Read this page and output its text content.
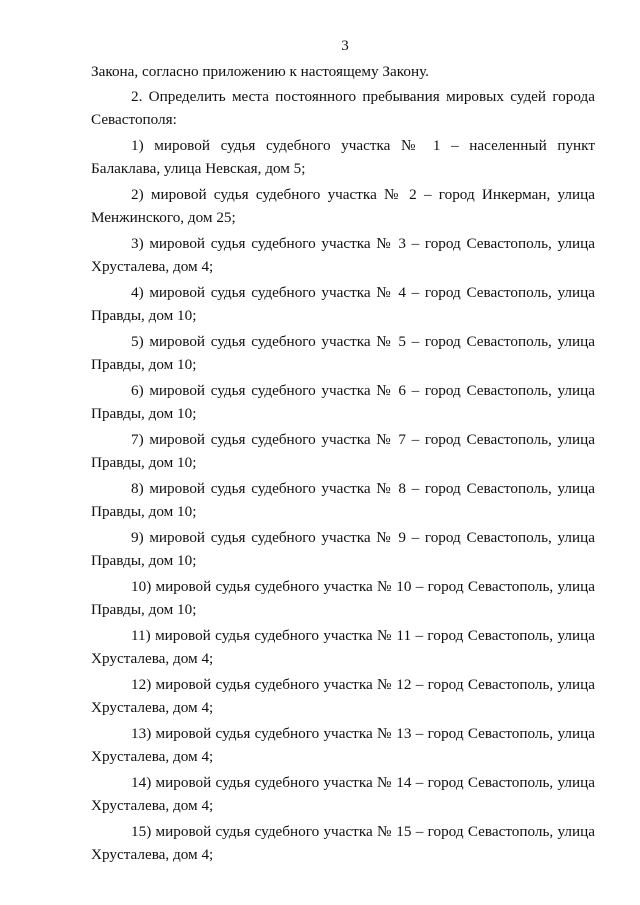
3

Закона, согласно приложению к настоящему Закону.

2. Определить места постоянного пребывания мировых судей города
Севастополя:
1) мировой судья судебного участка № 1 – населенный пункт
Балаклава, улица Невская, дом 5;
2) мировой судья судебного участка № 2 – город Инкерман, улица
Менжинского, дом 25;
3) мировой судья судебного участка № 3 – город Севастополь, улица
Хрусталева, дом 4;
4) мировой судья судебного участка № 4 – город Севастополь, улица
Правды, дом 10;
5) мировой судья судебного участка № 5 – город Севастополь, улица
Правды, дом 10;
6) мировой судья судебного участка № 6 – город Севастополь, улица
Правды, дом 10;
7) мировой судья судебного участка № 7 – город Севастополь, улица
Правды, дом 10;
8) мировой судья судебного участка № 8 – город Севастополь, улица
Правды, дом 10;
9) мировой судья судебного участка № 9 – город Севастополь, улица
Правды, дом 10;
10) мировой судья судебного участка № 10 – город Севастополь, улица
Правды, дом 10;
11) мировой судья судебного участка № 11 – город Севастополь, улица
Хрусталева, дом 4;
12) мировой судья судебного участка № 12 – город Севастополь, улица
Хрусталева, дом 4;
13) мировой судья судебного участка № 13 – город Севастополь, улица
Хрусталева, дом 4;
14) мировой судья судебного участка № 14 – город Севастополь, улица
Хрусталева, дом 4;
15) мировой судья судебного участка № 15 – город Севастополь, улица
Хрусталева, дом 4;
